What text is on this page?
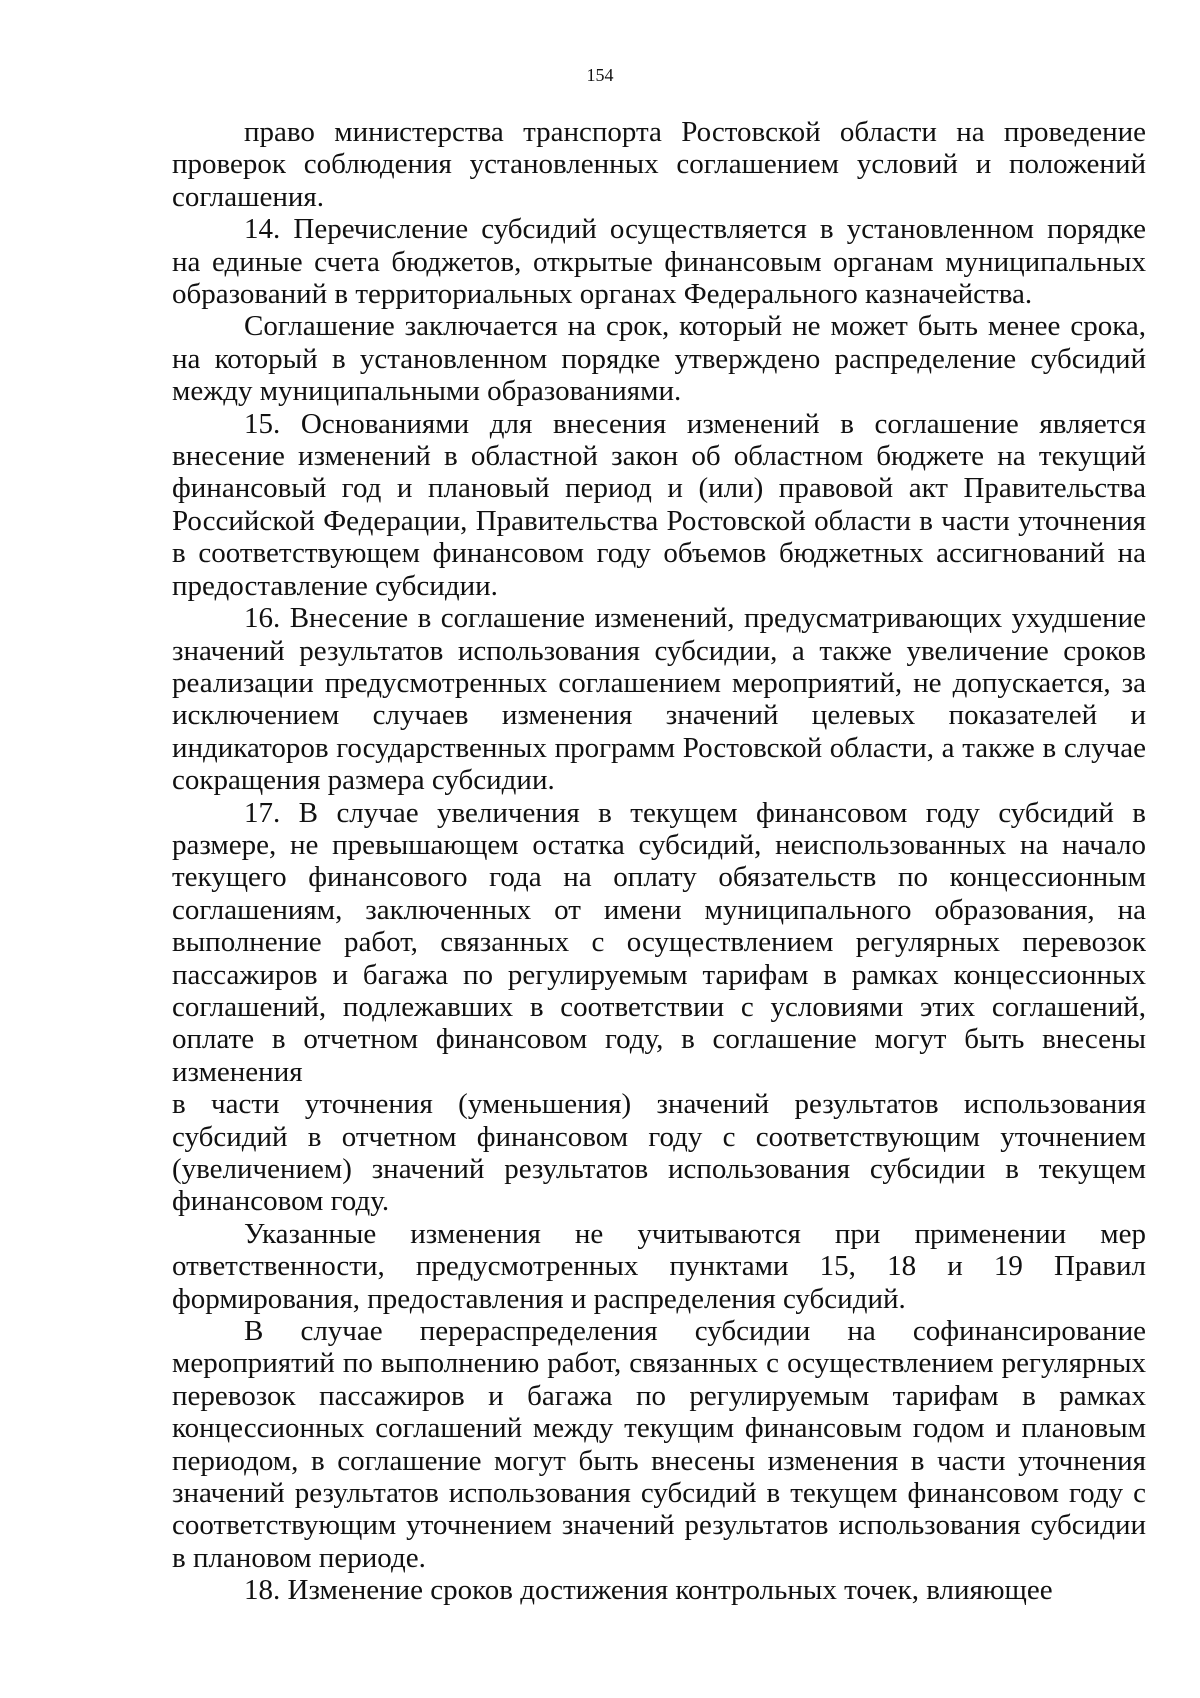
154

право министерства транспорта Ростовской области на проведение проверок соблюдения установленных соглашением условий и положений соглашения.

14. Перечисление субсидий осуществляется в установленном порядке на единые счета бюджетов, открытые финансовым органам муниципальных образований в территориальных органах Федерального казначейства.

Соглашение заключается на срок, который не может быть менее срока, на который в установленном порядке утверждено распределение субсидий между муниципальными образованиями.

15. Основаниями для внесения изменений в соглашение является внесение изменений в областной закон об областном бюджете на текущий финансовый год и плановый период и (или) правовой акт Правительства Российской Федерации, Правительства Ростовской области в части уточнения в соответствующем финансовом году объемов бюджетных ассигнований на предоставление субсидии.

16. Внесение в соглашение изменений, предусматривающих ухудшение значений результатов использования субсидии, а также увеличение сроков реализации предусмотренных соглашением мероприятий, не допускается, за исключением случаев изменения значений целевых показателей и индикаторов государственных программ Ростовской области, а также в случае сокращения размера субсидии.

17. В случае увеличения в текущем финансовом году субсидий в размере, не превышающем остатка субсидий, неиспользованных на начало текущего финансового года на оплату обязательств по концессионным соглашениям, заключенных от имени муниципального образования, на выполнение работ, связанных с осуществлением регулярных перевозок пассажиров и багажа по регулируемым тарифам в рамках концессионных соглашений, подлежавших в соответствии с условиями этих соглашений, оплате в отчетном финансовом году, в соглашение могут быть внесены изменения

в части уточнения (уменьшения) значений результатов использования субсидий в отчетном финансовом году с соответствующим уточнением (увеличением) значений результатов использования субсидии в текущем финансовом году.

Указанные изменения не учитываются при применении мер ответственности, предусмотренных пунктами 15, 18 и 19 Правил формирования, предоставления и распределения субсидий.

В случае перераспределения субсидии на софинансирование мероприятий по выполнению работ, связанных с осуществлением регулярных перевозок пассажиров и багажа по регулируемым тарифам в рамках концессионных соглашений между текущим финансовым годом и плановым периодом, в соглашение могут быть внесены изменения в части уточнения значений результатов использования субсидий в текущем финансовом году с соответствующим уточнением значений результатов использования субсидии в плановом периоде.

18. Изменение сроков достижения контрольных точек, влияющее
